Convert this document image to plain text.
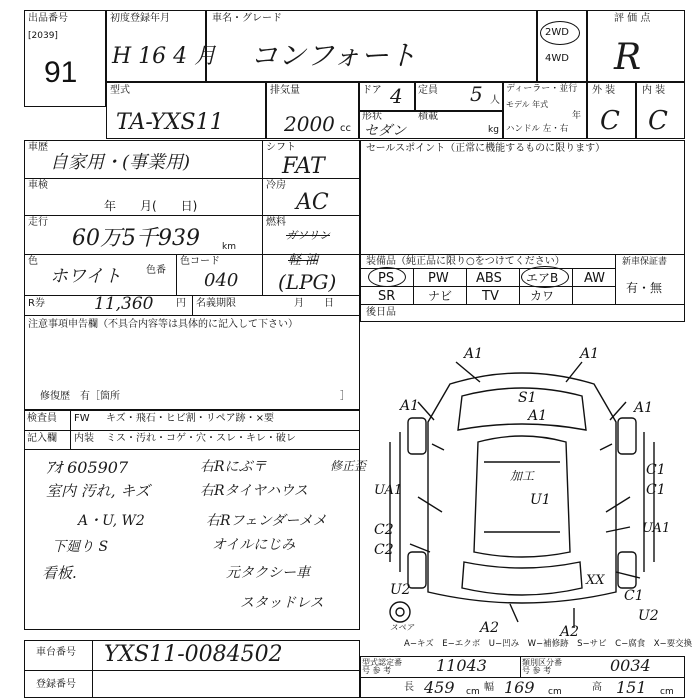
出品番号
[2039]
91
初度登録年月
H 16 4 月
車名・グレード
コンフォート
2WD
4WD
評 価 点
R
型式
TA-YXS11
排気量
2000 cc
ドア 4 定員 5 人
ディーラー・並行
モデル 年式
年
ハンドル 左・右
形状
セダン
積載
kg
外 装	内 装
C C
車歴
自家用・(事業用)
シフト
FAT
車検
年　　月(　　日)
冷房
AC
走行
60万5千939 km
燃料
ガソリン
色
ホワイト 色番
色コード
040
軽 油
(LPG)
R券	11,360 円 名義期限	月　　日
注意事項申告欄（不具合内容等は具体的に記入して下さい）
修復歴　有［箇所	］
セールスポイント（正常に機能するものに限ります）
装備品（純正品に限り○をつけてください）	新車保証書
有・無
PS	PW ABS エアB AW
SR	ナビ TV	カワ
後日品
検査員
記入欄
FW キズ・飛石・ヒビ割・リペア跡・×要
内装 ミス・汚れ・コゲ・穴・スレ・キレ・破レ
ｱｵ 605907
室内 汚れ, キズ
A・U, W2
下廻り S
看板.
右Rにぶ〒
右Rタイヤハウス
右Rフェンダーメメ
オイルにじみ
元タクシー車
スタッドレス
修正歪
A1	A1
A1	S1
A1	A1
U1
加工
UA1
C1
C1
UA1
C2
C2
U2
XX
C1
U2
A2	A2
スペア
A−キズ　E−エクボ　U−凹み　W−補修跡　S−サビ　C−腐食　X−要交換
車台番号 YXS11-0084502
登録番号
型式認定番号 参 考	11043	類別区分番号 参 考	0034
長 459 cm 幅 169 cm	高 151 cm
